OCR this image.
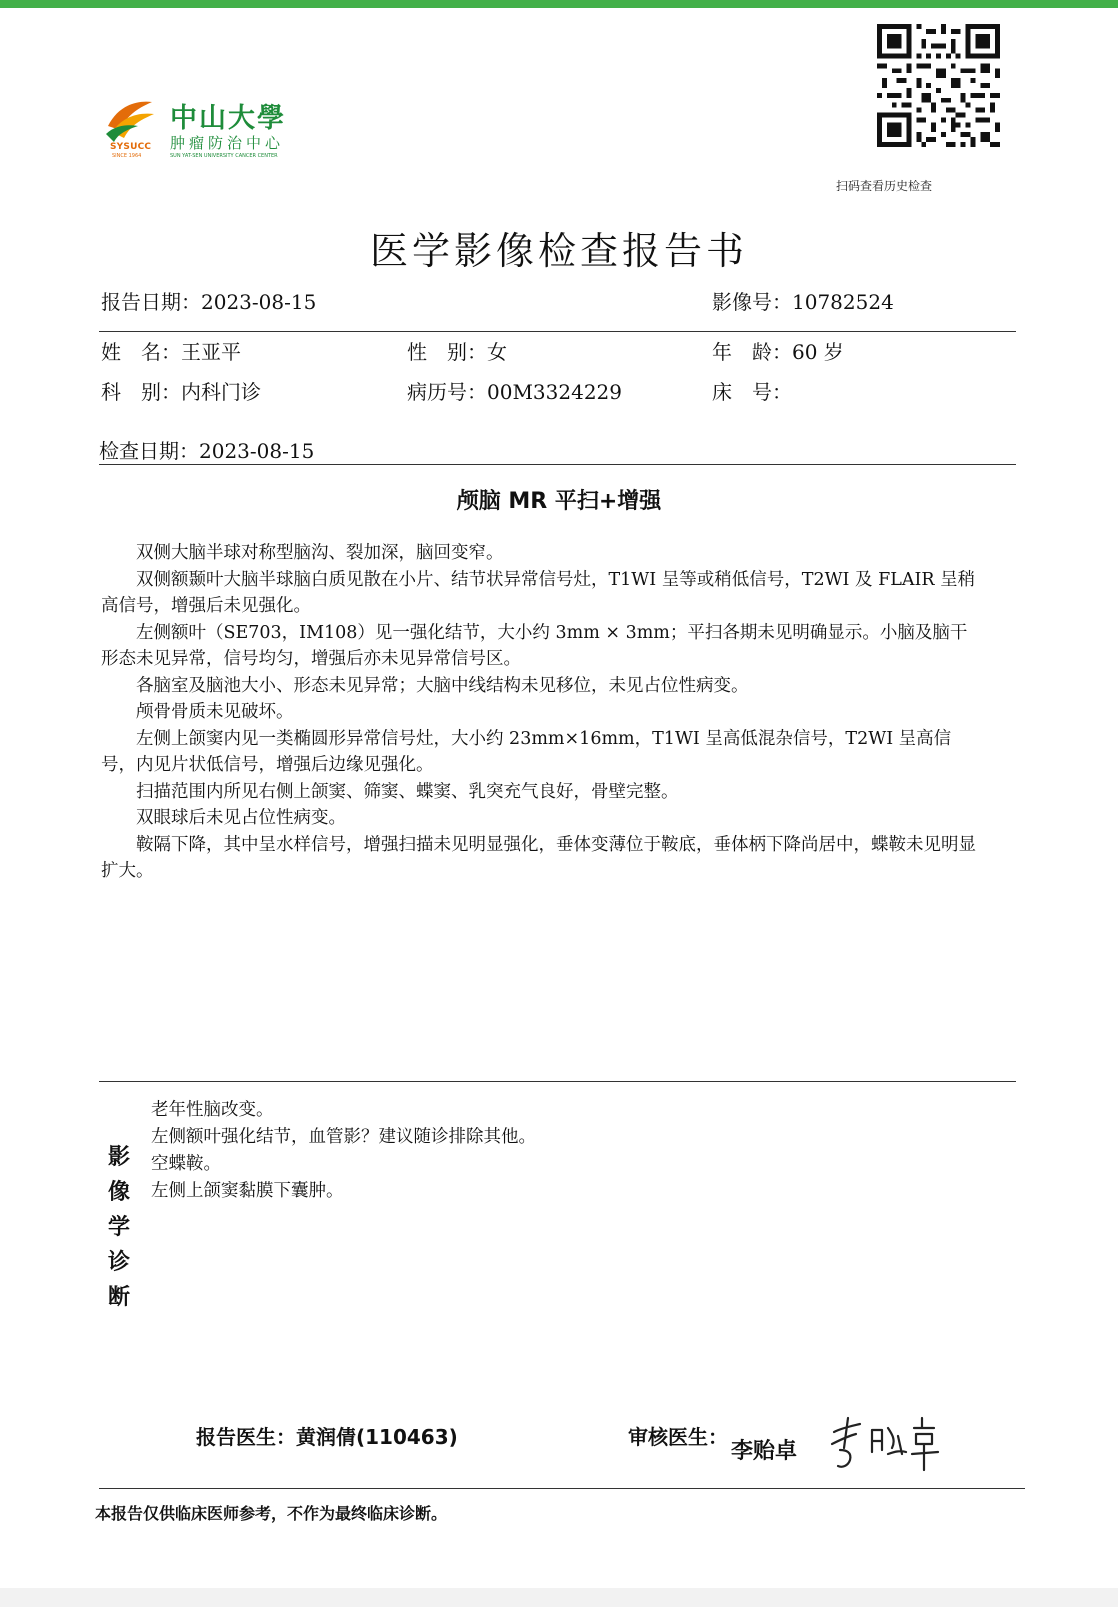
SYSUCC
SINCE 1964
中山大學
肿瘤防治中心
SUN YAT-SEN UNIVERSITY CANCER CENTER
扫码查看历史检查
医学影像检查报告书
报告日期：2023-08-15	影像号：10782524
姓　名：王亚平	性　别：女	年　龄：60 岁
科　别：内科门诊	病历号：00M3324229	床　号：
检查日期：2023-08-15
颅脑 MR 平扫+增强

双侧大脑半球对称型脑沟、裂加深，脑回变窄。

双侧额颞叶大脑半球脑白质见散在小片、结节状异常信号灶，T1WI 呈等或稍低信号，T2WI 及 FLAIR 呈稍高信号，增强后未见强化。

左侧额叶（SE703，IM108）见一强化结节，大小约 3mm × 3mm；平扫各期未见明确显示。小脑及脑干形态未见异常，信号均匀，增强后亦未见异常信号区。

各脑室及脑池大小、形态未见异常；大脑中线结构未见移位，未见占位性病变。

颅骨骨质未见破坏。

左侧上颌窦内见一类椭圆形异常信号灶，大小约 23mm×16mm，T1WI 呈高低混杂信号，T2WI 呈高信号，内见片状低信号，增强后边缘见强化。

扫描范围内所见右侧上颌窦、筛窦、蝶窦、乳突充气良好，骨壁完整。

双眼球后未见占位性病变。

鞍隔下降，其中呈水样信号，增强扫描未见明显强化，垂体变薄位于鞍底，垂体柄下降尚居中，蝶鞍未见明显扩大。

影
像
学
诊
断

老年性脑改变。

左侧额叶强化结节，血管影？建议随诊排除其他。

空蝶鞍。

左侧上颌窦黏膜下囊肿。

报告医生：黄润倩(110463)	审核医生：
李贻卓
本报告仅供临床医师参考，不作为最终临床诊断。
